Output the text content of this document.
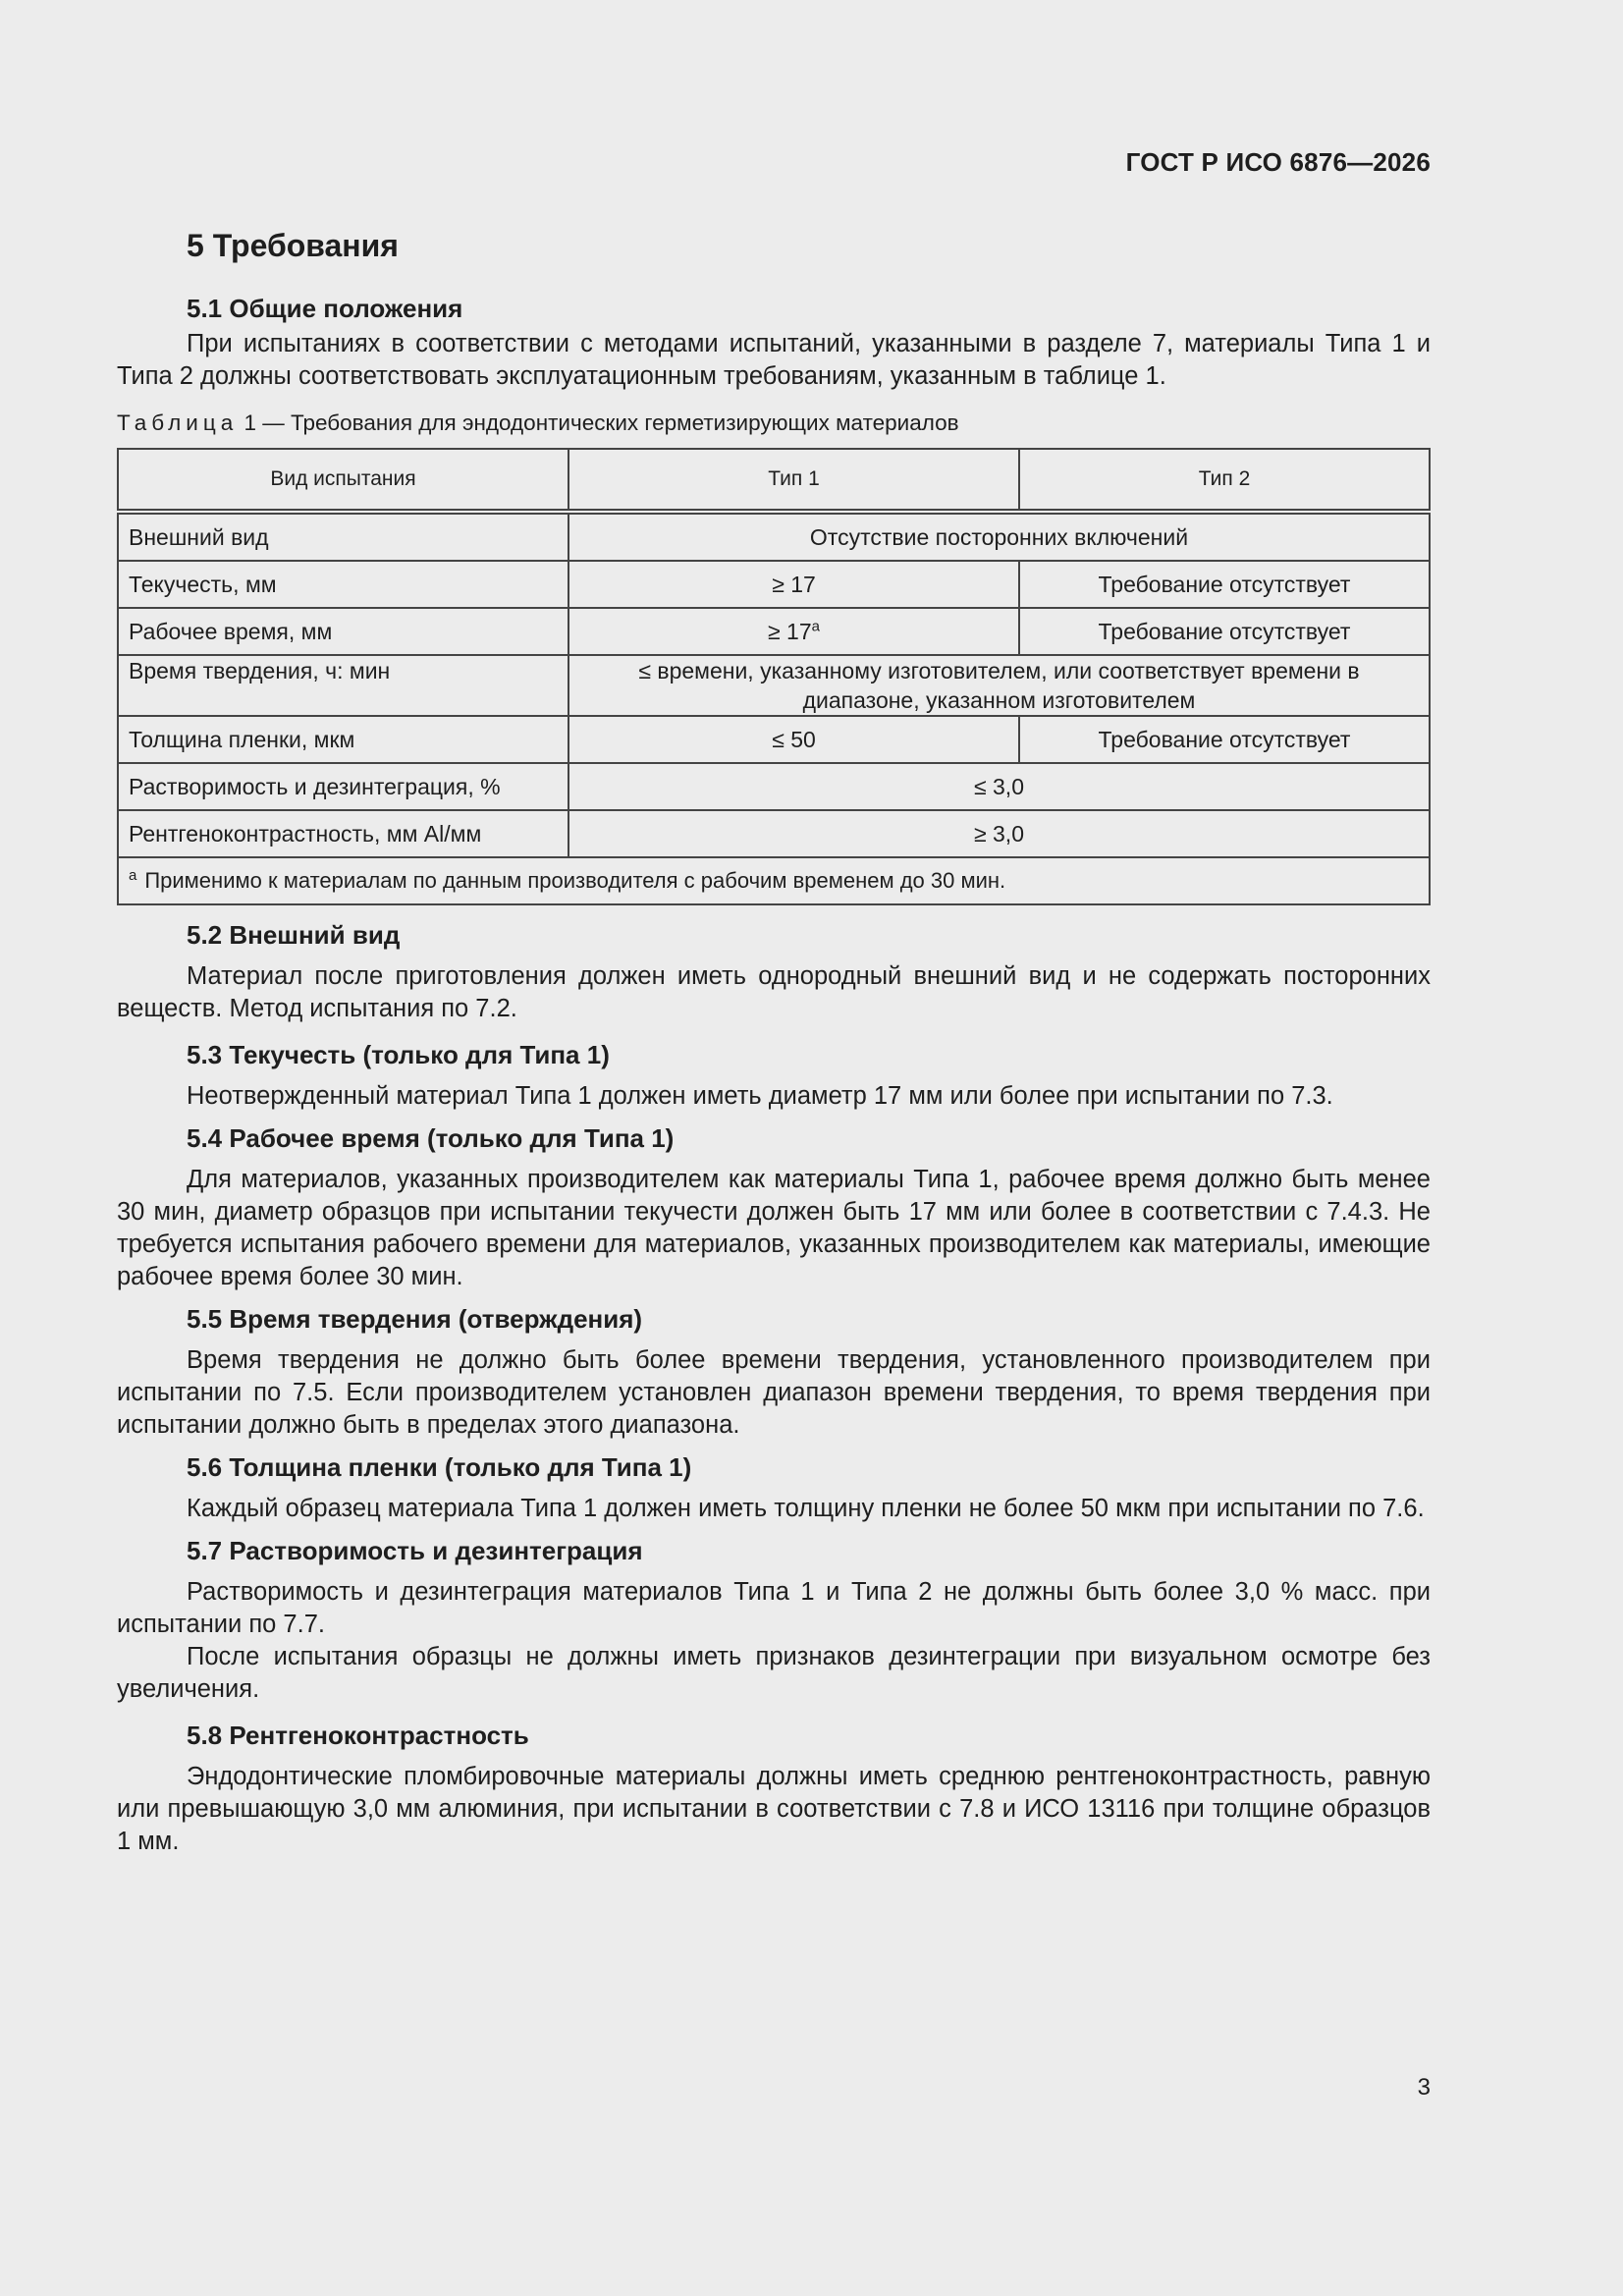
ГОСТ Р ИСО 6876—2026
5 Требования
5.1 Общие положения

При испытаниях в соответствии с методами испытаний, указанными в разделе 7, материалы Типа 1 и Типа 2 должны соответствовать эксплуатационным требованиям, указанным в таблице 1.

Таблица 1 — Требования для эндодонтических герметизирующих материалов
Вид испытания	Тип 1	Тип 2
Внешний вид	Отсутствие посторонних включений	
Текучесть, мм	≥ 17	Требование отсутствует
Рабочее время, мм	≥ $17^a$	Требование отсутствует
Время твердения, ч: мин	≤ времени, указанному изготовителем, или соответствует времени в диапазоне, указанном изготовителем	
Толщина пленки, мкм	≤ 50	Требование отсутствует
Растворимость и дезинтеграция, %	≤ 3,0	
Рентгеноконтрастность, мм Al/мм	≥ 3,0	
$^a$ Применимо к материалам по данным производителя с рабочим временем до 30 мин.		
5.2 Внешний вид

Материал после приготовления должен иметь однородный внешний вид и не содержать посторонних веществ. Метод испытания по 7.2.

5.3 Текучесть (только для Типа 1)

Неотвержденный материал Типа 1 должен иметь диаметр 17 мм или более при испытании по 7.3.

5.4 Рабочее время (только для Типа 1)

Для материалов, указанных производителем как материалы Типа 1, рабочее время должно быть менее 30 мин, диаметр образцов при испытании текучести должен быть 17 мм или более в соответствии с 7.4.3. Не требуется испытания рабочего времени для материалов, указанных производителем как материалы, имеющие рабочее время более 30 мин.

5.5 Время твердения (отверждения)

Время твердения не должно быть более времени твердения, установленного производителем при испытании по 7.5. Если производителем установлен диапазон времени твердения, то время твердения при испытании должно быть в пределах этого диапазона.

5.6 Толщина пленки (только для Типа 1)

Каждый образец материала Типа 1 должен иметь толщину пленки не более 50 мкм при испытании по 7.6.

5.7 Растворимость и дезинтеграция

Растворимость и дезинтеграция материалов Типа 1 и Типа 2 не должны быть более 3,0 % масс. при испытании по 7.7.

После испытания образцы не должны иметь признаков дезинтеграции при визуальном осмотре без увеличения.

5.8 Рентгеноконтрастность

Эндодонтические пломбировочные материалы должны иметь среднюю рентгеноконтрастность, равную или превышающую 3,0 мм алюминия, при испытании в соответствии с 7.8 и ИСО 13116 при толщине образцов 1 мм.

3
